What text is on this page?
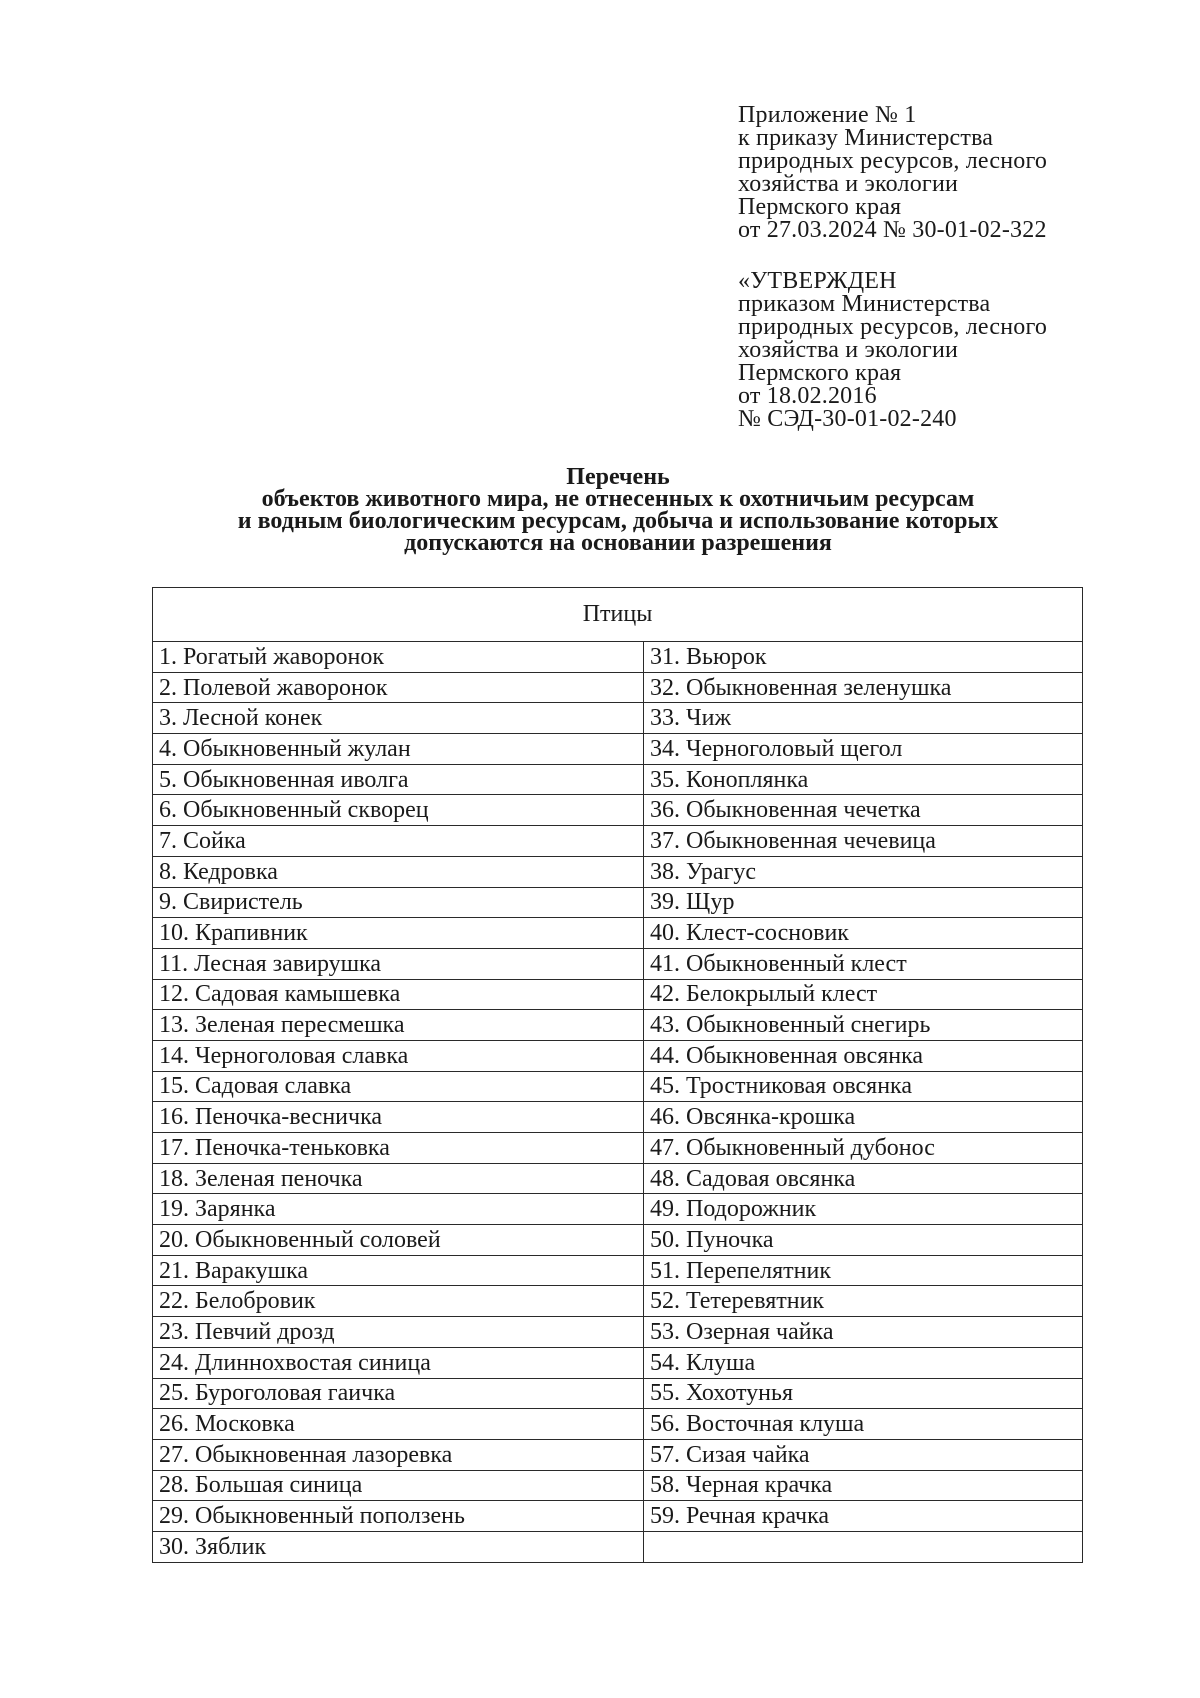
Приложение № 1
к приказу Министерства
природных ресурсов, лесного
хозяйства и экологии
Пермского края
от 27.03.2024 № 30-01-02-322
«УТВЕРЖДЕН
приказом Министерства
природных ресурсов, лесного
хозяйства и экологии
Пермского края
от 18.02.2016
№ СЭД-30-01-02-240
Перечень
объектов животного мира, не отнесенных к охотничьим ресурсам
и водным биологическим ресурсам, добыча и использование которых
допускаются на основании разрешения
Птицы	
1. Рогатый жаворонок	31. Вьюрок
2. Полевой жаворонок	32. Обыкновенная зеленушка
3. Лесной конек	33. Чиж
4. Обыкновенный жулан	34. Черноголовый щегол
5. Обыкновенная иволга	35. Коноплянка
6. Обыкновенный скворец	36. Обыкновенная чечетка
7. Сойка	37. Обыкновенная чечевица
8. Кедровка	38. Урагус
9. Свиристель	39. Щур
10. Крапивник	40. Клест-сосновик
11. Лесная завирушка	41. Обыкновенный клест
12. Садовая камышевка	42. Белокрылый клест
13. Зеленая пересмешка	43. Обыкновенный снегирь
14. Черноголовая славка	44. Обыкновенная овсянка
15. Садовая славка	45. Тростниковая овсянка
16. Пеночка-весничка	46. Овсянка-крошка
17. Пеночка-теньковка	47. Обыкновенный дубонос
18. Зеленая пеночка	48. Садовая овсянка
19. Зарянка	49. Подорожник
20. Обыкновенный соловей	50. Пуночка
21. Варакушка	51. Перепелятник
22. Белобровик	52. Тетеревятник
23. Певчий дрозд	53. Озерная чайка
24. Длиннохвостая синица	54. Клуша
25. Буроголовая гаичка	55. Хохотунья
26. Московка	56. Восточная клуша
27. Обыкновенная лазоревка	57. Сизая чайка
28. Большая синица	58. Черная крачка
29. Обыкновенный поползень	59. Речная крачка
30. Зяблик	
